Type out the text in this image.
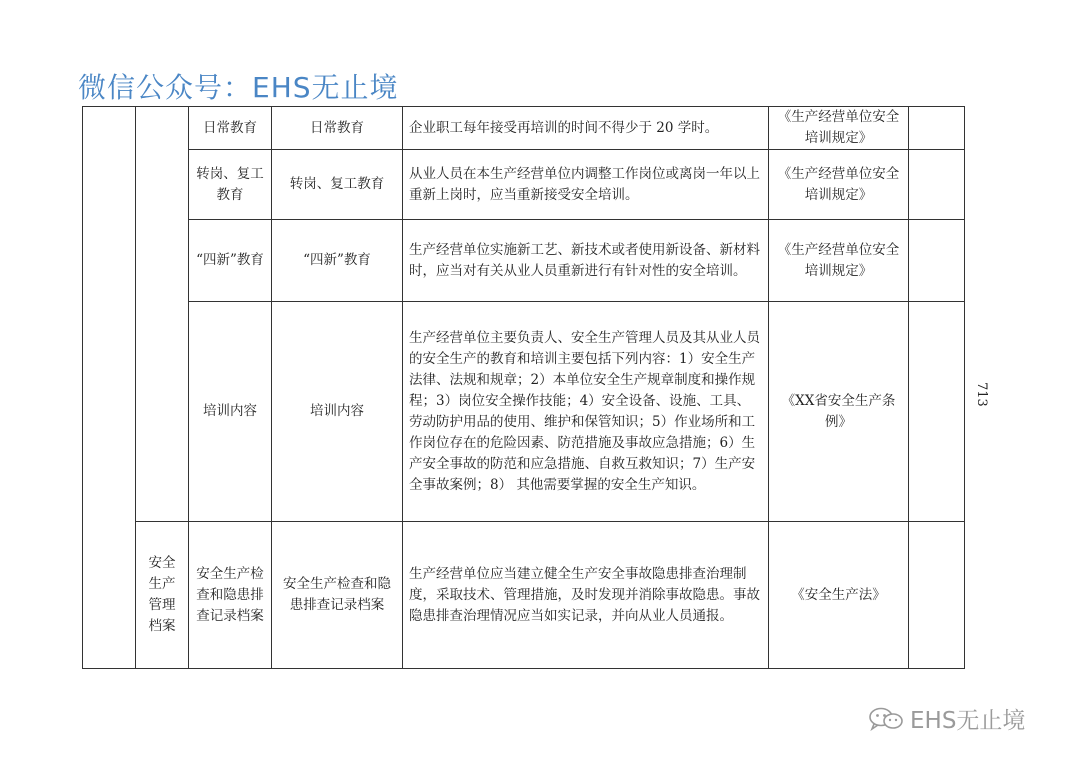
微信公众号：EHS无止境
		日常教育	日常教育	企业职工每年接受再培训的时间不得少于 20 学时。	《生产经营单位安全培训规定》	
		转岗、复工教育	转岗、复工教育	从业人员在本生产经营单位内调整工作岗位或离岗一年以上重新上岗时，应当重新接受安全培训。	《生产经营单位安全培训规定》	
		“四新”教育	“四新”教育	生产经营单位实施新工艺、新技术或者使用新设备、新材料时，应当对有关从业人员重新进行有针对性的安全培训。	《生产经营单位安全培训规定》	
		培训内容	培训内容	生产经营单位主要负责人、安全生产管理人员及其从业人员的安全生产的教育和培训主要包括下列内容：1）安全生产法律、法规和规章；2）本单位安全生产规章制度和操作规程；3）岗位安全操作技能；4）安全设备、设施、工具、劳动防护用品的使用、维护和保管知识；5）作业场所和工作岗位存在的危险因素、防范措施及事故应急措施；6）生产安全事故的防范和应急措施、自救互救知识；7）生产安全事故案例；8） 其他需要掌握的安全生产知识。	《XX省安全生产条例》	
	安全生产管理档案	安全生产检查和隐患排查记录档案	安全生产检查和隐患排查记录档案	生产经营单位应当建立健全生产安全事故隐患排查治理制度，采取技术、管理措施，及时发现并消除事故隐患。事故隐患排查治理情况应当如实记录，并向从业人员通报。	《安全生产法》	
713
EHS无止境
